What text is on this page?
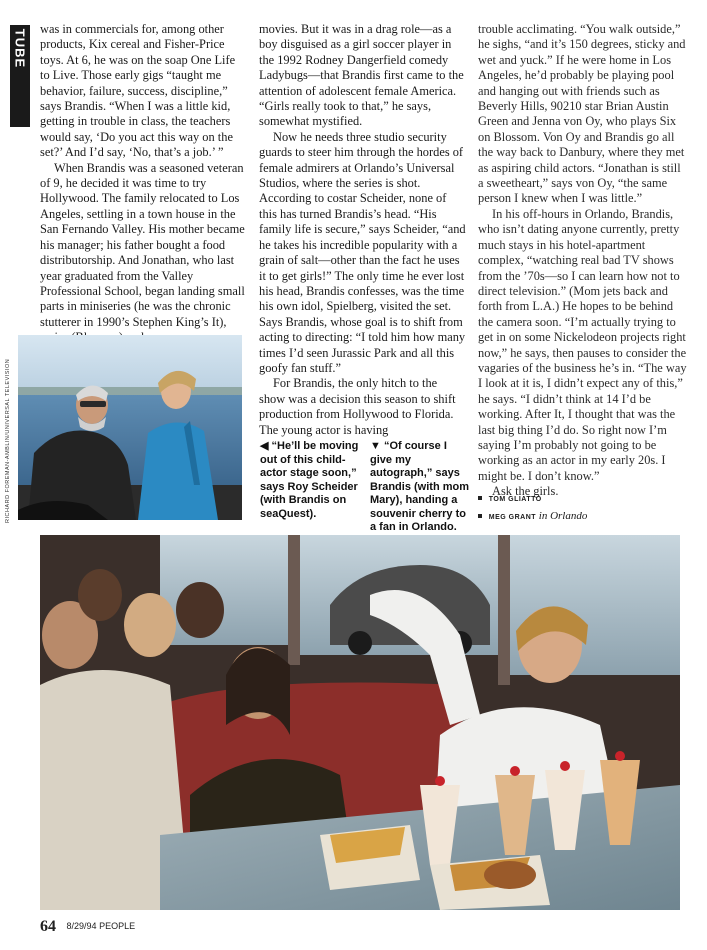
TUBE was in commercials for, among other products, Kix cereal and Fisher-Price toys. At 6, he was on the soap One Life to Live. Those early gigs “taught me behavior, failure, success, discipline,” says Brandis. “When I was a little kid, getting in trouble in class, the teachers would say, ‘Do you act this way on the set?’ And I’d say, ‘No, that’s a job.’ ”

When Brandis was a seasoned veteran of 9, he decided it was time to try Hollywood. The family relocated to Los Angeles, settling in a town house in the San Fernando Valley. His mother became his manager; his father bought a food distributorship. And Jonathan, who last year graduated from the Valley Professional School, began landing small parts in miniseries (he was the chronic stutterer in 1990’s Stephen King’s It),

movies. But it was in a drag role—as a boy disguised as a girl soccer player in the 1992 Rodney Dangerfield comedy Ladybugs—that Brandis first came to the attention of adolescent female America. “Girls really took to that,” he says, somewhat mystified.

Now he needs three studio security guards to steer him through the hordes of female admirers at Orlando’s Universal Studios, where the series is shot. According to costar Scheider, none of this has turned Brandis’s head. “His family life is secure,” says Scheider, “and he takes his incredible popularity with a grain of salt—other than the fact he uses it to get girls!” The only time he ever lost his head, Brandis confesses, was the time his own idol, Spielberg, visited the set. Says Brandis, whose goal is to shift from acting to directing: “I told him how many times I’d seen Jurassic Park and all this goofy fan stuff.”

For Brandis, the only hitch to the show was a decision this season to shift production from Hollywood to Florida. The young actor is having

trouble acclimating. “You walk outside,” he sighs, “and it’s 150 degrees, sticky and wet and yuck.” If he were home in Los Angeles, he’d probably be playing pool and hanging out with friends such as Beverly Hills, 90210 star Brian Austin Green and Jenna von Oy, who plays Six on Blossom. Von Oy and Brandis go all the way back to Danbury, where they met as aspiring child actors. “Jonathan is still a sweetheart,” says von Oy, “the same person I knew when I was little.”

In his off-hours in Orlando, Brandis, who isn’t dating anyone currently, pretty much stays in his hotel-apartment complex, “watching real bad TV shows from the ’70s—so I can learn how not to direct television.” (Mom jets back and forth from L.A.) He hopes to be behind the camera soon. “I’m actually trying to get in on some Nickelodeon projects right now,” he says, then pauses to consider the vagaries of the business he’s in. “The way I look at it is, I didn’t expect any of this,” he says. “I didn’t think at 14 I’d be working. After It, I thought that was the last big thing I’d do. So right now I’m saying I’m probably not going to be working as an actor in my early 20s. I might be. I don’t know.”

Ask the girls.

RICHARD FOREMAN-AMBLIN/UNIVERSAL TELEVISION	◀ “He’ll be moving out of this child-actor stage soon,” says Roy Scheider (with Brandis on seaQuest).
▼ “Of course I give my autograph,” says Brandis (with mom Mary), handing a souvenir cherry to a fan in Orlando.
TOM GLIATTO
MEG GRANT in Orlando
64 8/29/94 PEOPLE
